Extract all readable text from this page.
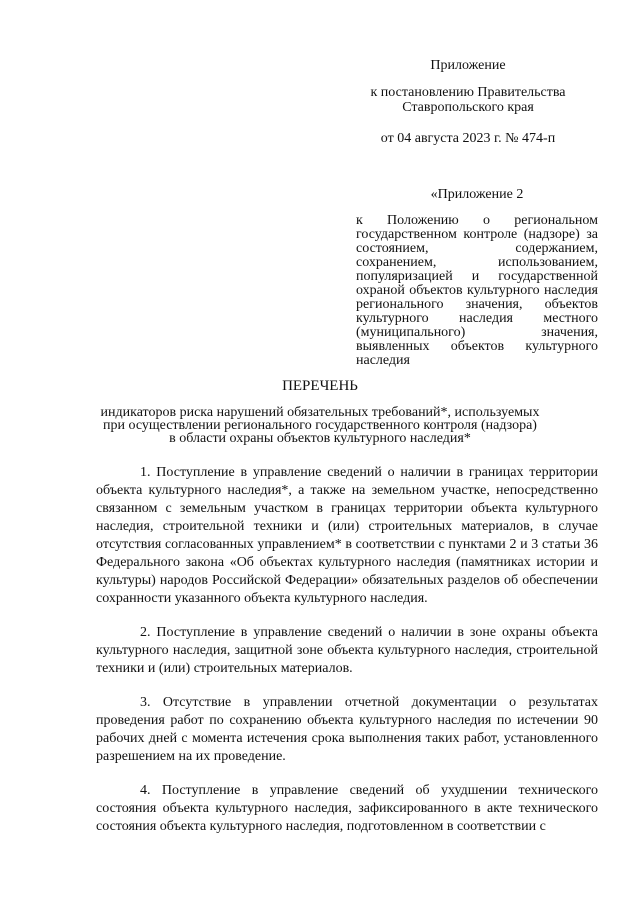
Приложение

к постановлению Правительства

Ставропольского края

от 04 августа 2023 г. № 474-п

«Приложение 2

к Положению о региональном государственном контроле (надзоре) за состоянием, содержанием, сохранением, использованием, популяризацией и государственной охраной объектов культурного наследия регионального значения, объектов культурного наследия местного (муниципального) значения, выявленных объектов культурного наследия

ПЕРЕЧЕНЬ

индикаторов риска нарушений обязательных требований*, используемых
при осуществлении регионального государственного контроля (надзора)
в области охраны объектов культурного наследия*

1. Поступление в управление сведений о наличии в границах территории объекта культурного наследия*, а также на земельном участке, непосредственно связанном с земельным участком в границах территории объекта культурного наследия, строительной техники и (или) строительных материалов, в случае отсутствия согласованных управлением* в соответствии с пунктами 2 и 3 статьи 36 Федерального закона «Об объектах культурного наследия (памятниках истории и культуры) народов Российской Федерации» обязательных разделов об обеспечении сохранности указанного объекта культурного наследия.

2. Поступление в управление сведений о наличии в зоне охраны объекта культурного наследия, защитной зоне объекта культурного наследия, строительной техники и (или) строительных материалов.

3. Отсутствие в управлении отчетной документации о результатах проведения работ по сохранению объекта культурного наследия по истечении 90 рабочих дней с момента истечения срока выполнения таких работ, установленного разрешением на их проведение.

4. Поступление в управление сведений об ухудшении технического состояния объекта культурного наследия, зафиксированного в акте технического состояния объекта культурного наследия, подготовленном в соответствии с
